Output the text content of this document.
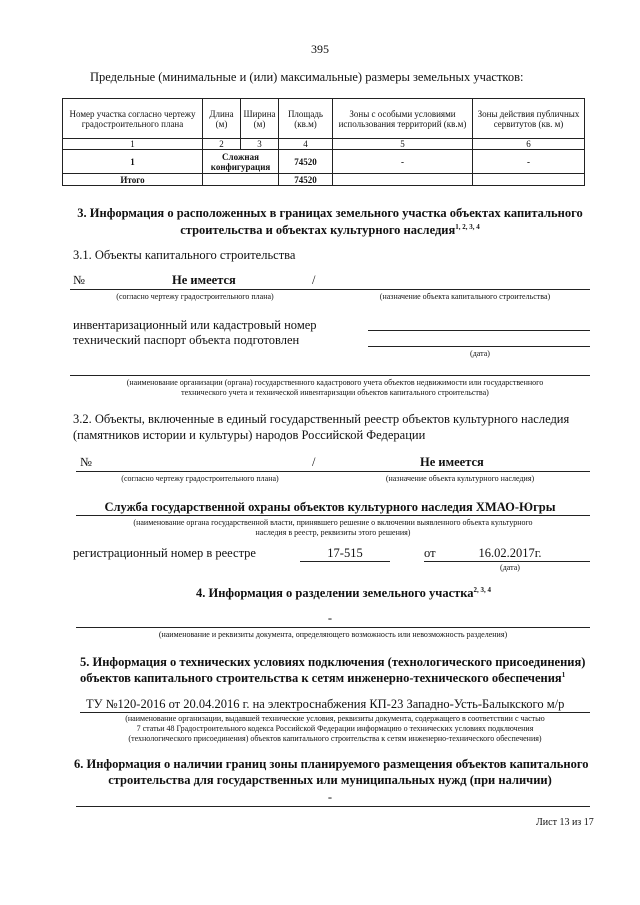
395
Предельные (минимальные и (или) максимальные) размеры земельных участков:
Номер участка согласно чертежу градостроительного плана	Длина (м)	Ширина (м)	Площадь (кв.м)	Зоны с особыми условиями использования территорий (кв.м)	Зоны действия публичных сервитутов (кв. м)
1	2	3	4	5	6
1	Сложная конфигурация		74520	-	-
Итого			74520		
3. Информация о расположенных в границах земельного участка объектах капитального
строительства и объектах культурного наследия$^{1, 2, 3, 4}$
3.1. Объекты капитального строительства
№	Не имеется	/
(согласно чертежу градостроительного плана)	(назначение объекта капитального строительства)
инвентаризационный или кадастровый номер
технический паспорт объекта подготовлен
(дата)
(наименование организации (органа) государственного кадастрового учета объектов недвижимости или государственного
технического учета и технической инвентаризации объектов капитального строительства)
3.2. Объекты, включенные в единый государственный реестр объектов культурного наследия
(памятников истории и культуры) народов Российской Федерации
№	/	Не имеется
(согласно чертежу градостроительного плана)	(назначение объекта культурного наследия)
Служба государственной охраны объектов культурного наследия ХМАО-Югры
(наименование органа государственной власти, принявшего решение о включении выявленного объекта культурного
наследия в реестр, реквизиты этого решения)
регистрационный номер в реестре	17-515	от	16.02.2017г.
(дата)
4. Информация о разделении земельного участка$^{2, 3, 4}$
-
(наименование и реквизиты документа, определяющего возможность или невозможность разделения)
5. Информация о технических условиях подключения (технологического присоединения)
объектов капитального строительства к сетям инженерно-технического обеспечения$^1$
ТУ №120-2016 от 20.04.2016 г. на электроснабжения КП-23 Западно-Усть-Балыкского м/р
(наименование организации, выдавшей технические условия, реквизиты документа, содержащего в соответствии с частью
7 статьи 48 Градостроительного кодекса Российской Федерации информацию о технических условиях подключения
(технологического присоединения) объектов капитального строительства к сетям инженерно-технического обеспечения)
6. Информация о наличии границ зоны планируемого размещения объектов капитального
строительства для государственных или муниципальных нужд (при наличии)
-
Лист 13 из 17
